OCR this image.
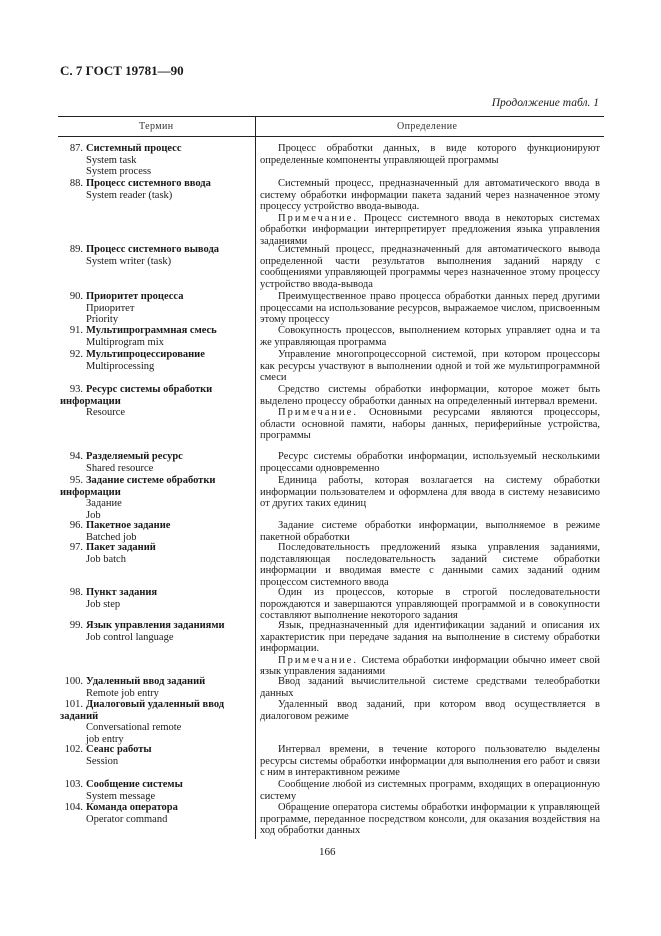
С. 7 ГОСТ 19781—90
Продолжение табл. 1
Термин	Определение
87. Системный процесс
System task
System process

Процесс обработки данных, в виде которого функционируют определенные компоненты управляющей программы

88. Процесс системного ввода
System reader (task)

Системный процесс, предназначенный для автоматического ввода в систему обработки информации пакета заданий через назначенное этому процессу устройство ввода-вывода.

Примечание. Процесс системного ввода в некоторых системах обработки информации интерпретирует предложения языка управления заданиями

89. Процесс системного вывода
System writer (task)

Системный процесс, предназначенный для автоматического вывода определенной части результатов выполнения заданий наряду с сообщениями управляющей программы через назначенное этому процессу устройство ввода-вывода

90. Приоритет процесса
Приоритет
Priority

Преимущественное право процесса обработки данных перед другими процессами на использование ресурсов, выражаемое числом, присвоенным этому процессу

91. Мультипрограммная смесь
Multiprogram mix

Совокупность процессов, выполнением которых управляет одна и та же управляющая программа

92. Мультипроцессирование
Multiprocessing

Управление многопроцессорной системой, при котором процессоры как ресурсы участвуют в выполнении одной и той же мультипрограммной смеси

93. Ресурс системы обработки информации
Resource

Средство системы обработки информации, которое может быть выделено процессу обработки данных на определенный интервал времени.

Примечание. Основными ресурсами являются процессоры, области основной памяти, наборы данных, периферийные устройства, программы

94. Разделяемый ресурс
Shared resource

Ресурс системы обработки информации, используемый несколькими процессами одновременно

95. Задание системе обработки информации
Задание
Job

Единица работы, которая возлагается на систему обработки информации пользователем и оформлена для ввода в систему независимо от других таких единиц

96. Пакетное задание
Batched job

Задание системе обработки информации, выполняемое в режиме пакетной обработки

97. Пакет заданий
Job batch

Последовательность предложений языка управления заданиями, подставляющая последовательность заданий системе обработки информации и вводимая вместе с данными самих заданий одним процессом системного ввода

98. Пункт задания
Job step

Один из процессов, которые в строгой последовательности порождаются и завершаются управляющей программой и в совокупности составляют выполнение некоторого задания

99. Язык управления заданиями
Job control language

Язык, предназначенный для идентификации заданий и описания их характеристик при передаче задания на выполнение в систему обработки информации.

Примечание. Система обработки информации обычно имеет свой язык управления заданиями

100. Удаленный ввод заданий
Remote job entry

Ввод заданий вычислительной системе средствами телеобработки данных

101. Диалоговый удаленный ввод заданий
Conversational remote
job entry

Удаленный ввод заданий, при котором ввод осуществляется в диалоговом режиме

102. Сеанс работы
Session

Интервал времени, в течение которого пользователю выделены ресурсы системы обработки информации для выполнения его работ и связи с ним в интерактивном режиме

103. Сообщение системы
System message

Сообщение любой из системных программ, входящих в операционную систему

104. Команда оператора
Operator command

Обращение оператора системы обработки информации к управляющей программе, переданное посредством консоли, для оказания воздействия на ход обработки данных

166
